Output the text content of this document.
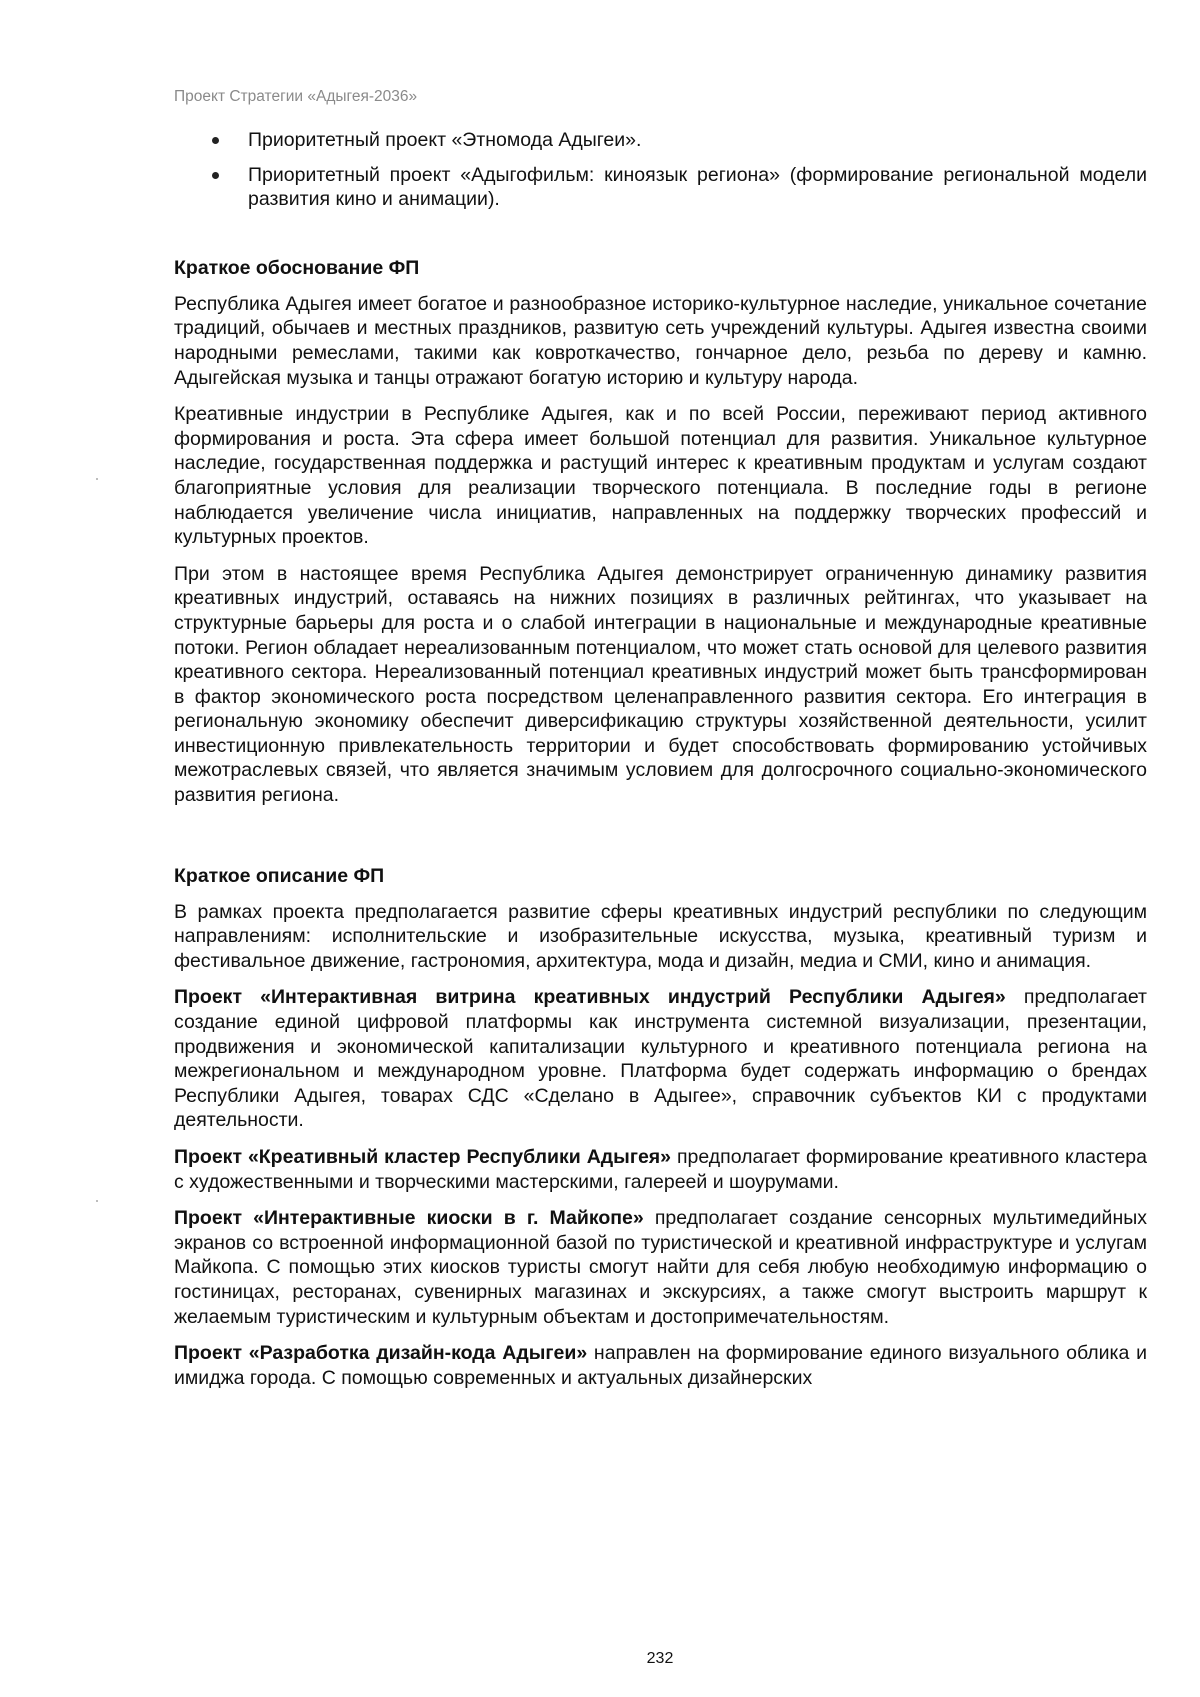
Проект Стратегии «Адыгея-2036»
Приоритетный проект «Этномода Адыгеи».
Приоритетный проект «Адыгофильм: киноязык региона» (формирование региональной модели развития кино и анимации).
Краткое обоснование ФП

Республика Адыгея имеет богатое и разнообразное историко-культурное наследие, уникальное сочетание традиций, обычаев и местных праздников, развитую сеть учреждений культуры. Адыгея известна своими народными ремеслами, такими как ковроткачество, гончарное дело, резьба по дереву и камню. Адыгейская музыка и танцы отражают богатую историю и культуру народа.

Креативные индустрии в Республике Адыгея, как и по всей России, переживают период активного формирования и роста. Эта сфера имеет большой потенциал для развития. Уникальное культурное наследие, государственная поддержка и растущий интерес к креативным продуктам и услугам создают благоприятные условия для реализации творческого потенциала. В последние годы в регионе наблюдается увеличение числа инициатив, направленных на поддержку творческих профессий и культурных проектов.

При этом в настоящее время Республика Адыгея демонстрирует ограниченную динамику развития креативных индустрий, оставаясь на нижних позициях в различных рейтингах, что указывает на структурные барьеры для роста и о слабой интеграции в национальные и международные креативные потоки. Регион обладает нереализованным потенциалом, что может стать основой для целевого развития креативного сектора. Нереализованный потенциал креативных индустрий может быть трансформирован в фактор экономического роста посредством целенаправленного развития сектора. Его интеграция в региональную экономику обеспечит диверсификацию структуры хозяйственной деятельности, усилит инвестиционную привлекательность территории и будет способствовать формированию устойчивых межотраслевых связей, что является значимым условием для долгосрочного социально-экономического развития региона.

Краткое описание ФП

В рамках проекта предполагается развитие сферы креативных индустрий республики по следующим направлениям: исполнительские и изобразительные искусства, музыка, креативный туризм и фестивальное движение, гастрономия, архитектура, мода и дизайн, медиа и СМИ, кино и анимация.

Проект «Интерактивная витрина креативных индустрий Республики Адыгея» предполагает создание единой цифровой платформы как инструмента системной визуализации, презентации, продвижения и экономической капитализации культурного и креативного потенциала региона на межрегиональном и международном уровне. Платформа будет содержать информацию о брендах Республики Адыгея, товарах СДС «Сделано в Адыгее», справочник субъектов КИ с продуктами деятельности.

Проект «Креативный кластер Республики Адыгея» предполагает формирование креативного кластера с художественными и творческими мастерскими, галереей и шоурумами.

Проект «Интерактивные киоски в г. Майкопе» предполагает создание сенсорных мультимедийных экранов со встроенной информационной базой по туристической и креативной инфраструктуре и услугам Майкопа. С помощью этих киосков туристы смогут найти для себя любую необходимую информацию о гостиницах, ресторанах, сувенирных магазинах и экскурсиях, а также смогут выстроить маршрут к желаемым туристическим и культурным объектам и достопримечательностям.

Проект «Разработка дизайн-кода Адыгеи» направлен на формирование единого визуального облика и имиджа города. С помощью современных и актуальных дизайнерских

232
